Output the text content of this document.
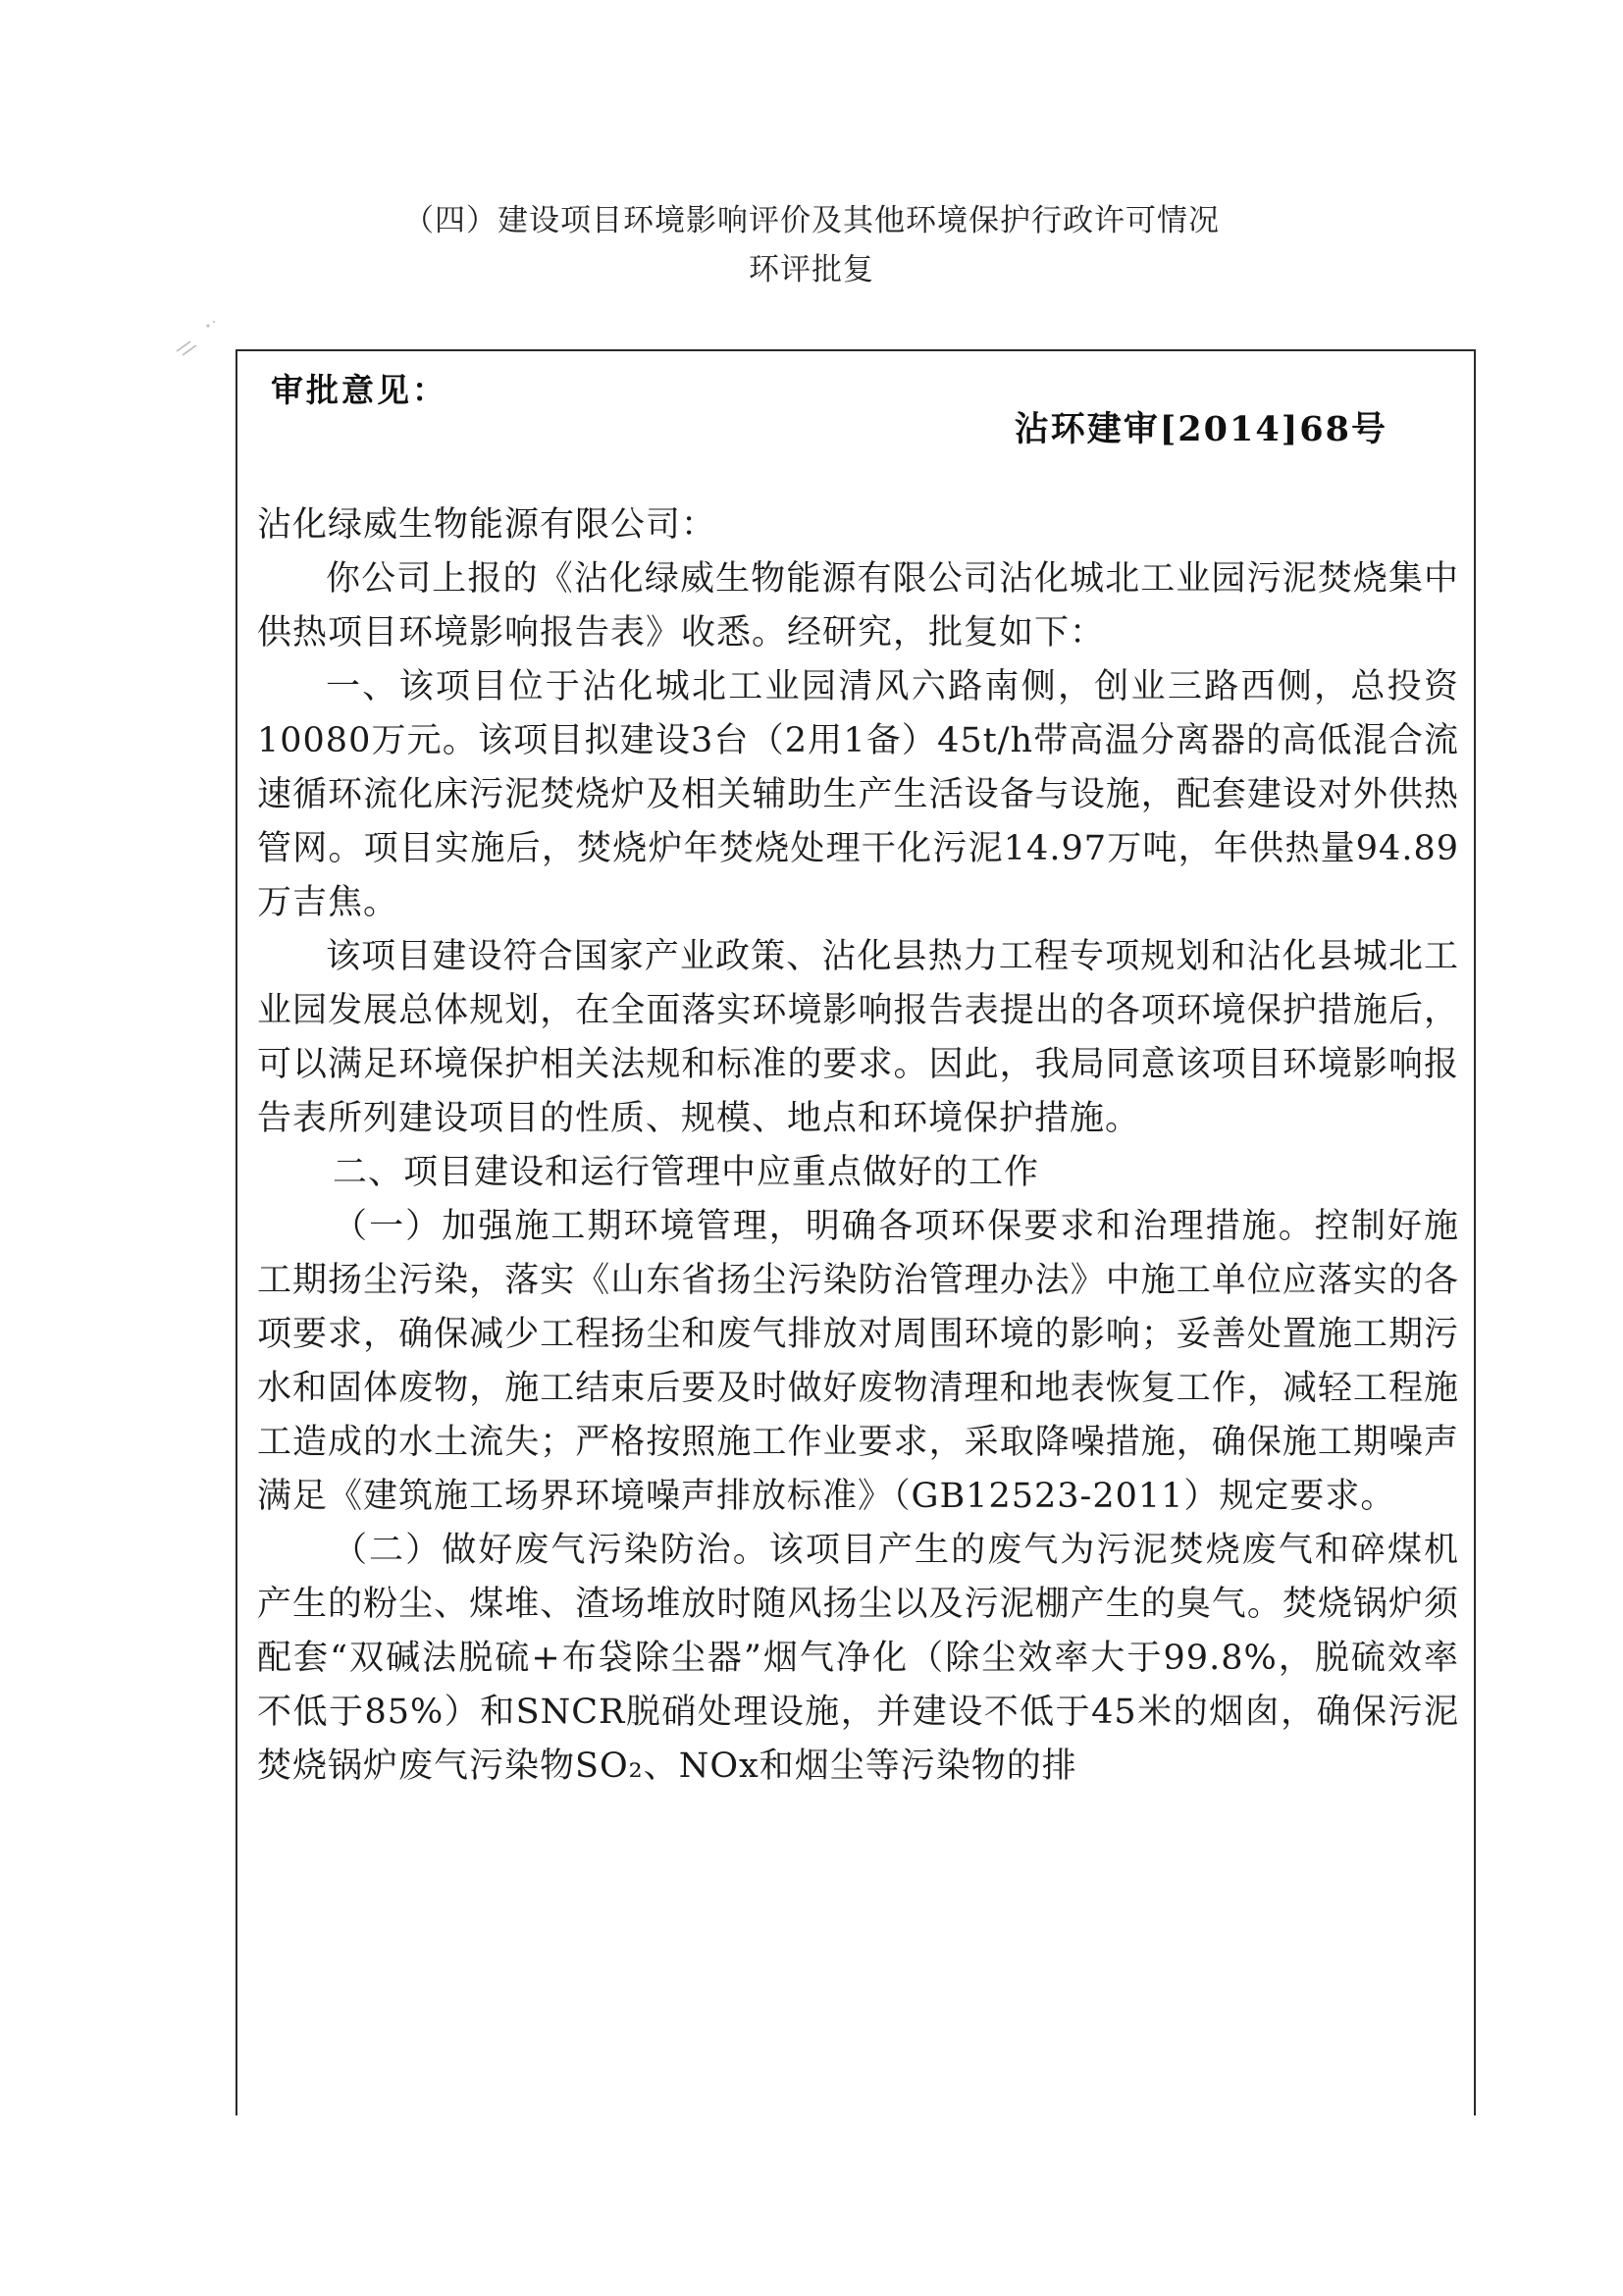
（四）建设项目环境影响评价及其他环境保护行政许可情况
环评批复
审批意见：
沾环建审[2014]68号

沾化绿威生物能源有限公司：

你公司上报的《沾化绿威生物能源有限公司沾化城北工业园污泥焚烧集中供热项目环境影响报告表》收悉。经研究，批复如下：

一、该项目位于沾化城北工业园清风六路南侧，创业三路西侧，总投资10080万元。该项目拟建设3台（2用1备）45t/h带高温分离器的高低混合流速循环流化床污泥焚烧炉及相关辅助生产生活设备与设施，配套建设对外供热管网。项目实施后，焚烧炉年焚烧处理干化污泥14.97万吨，年供热量94.89万吉焦。

该项目建设符合国家产业政策、沾化县热力工程专项规划和沾化县城北工业园发展总体规划，在全面落实环境影响报告表提出的各项环境保护措施后，可以满足环境保护相关法规和标准的要求。因此，我局同意该项目环境影响报告表所列建设项目的性质、规模、地点和环境保护措施。

二、项目建设和运行管理中应重点做好的工作

（一）加强施工期环境管理，明确各项环保要求和治理措施。控制好施工期扬尘污染，落实《山东省扬尘污染防治管理办法》中施工单位应落实的各项要求，确保减少工程扬尘和废气排放对周围环境的影响；妥善处置施工期污水和固体废物，施工结束后要及时做好废物清理和地表恢复工作，减轻工程施工造成的水土流失；严格按照施工作业要求，采取降噪措施，确保施工期噪声满足《建筑施工场界环境噪声排放标准》（GB12523-2011）规定要求。

（二）做好废气污染防治。该项目产生的废气为污泥焚烧废气和碎煤机产生的粉尘、煤堆、渣场堆放时随风扬尘以及污泥棚产生的臭气。焚烧锅炉须配套“双碱法脱硫+布袋除尘器”烟气净化（除尘效率大于99.8%，脱硫效率不低于85%）和SNCR脱硝处理设施，并建设不低于45米的烟囱，确保污泥焚烧锅炉废气污染物SO₂、NOx和烟尘等污染物的排
